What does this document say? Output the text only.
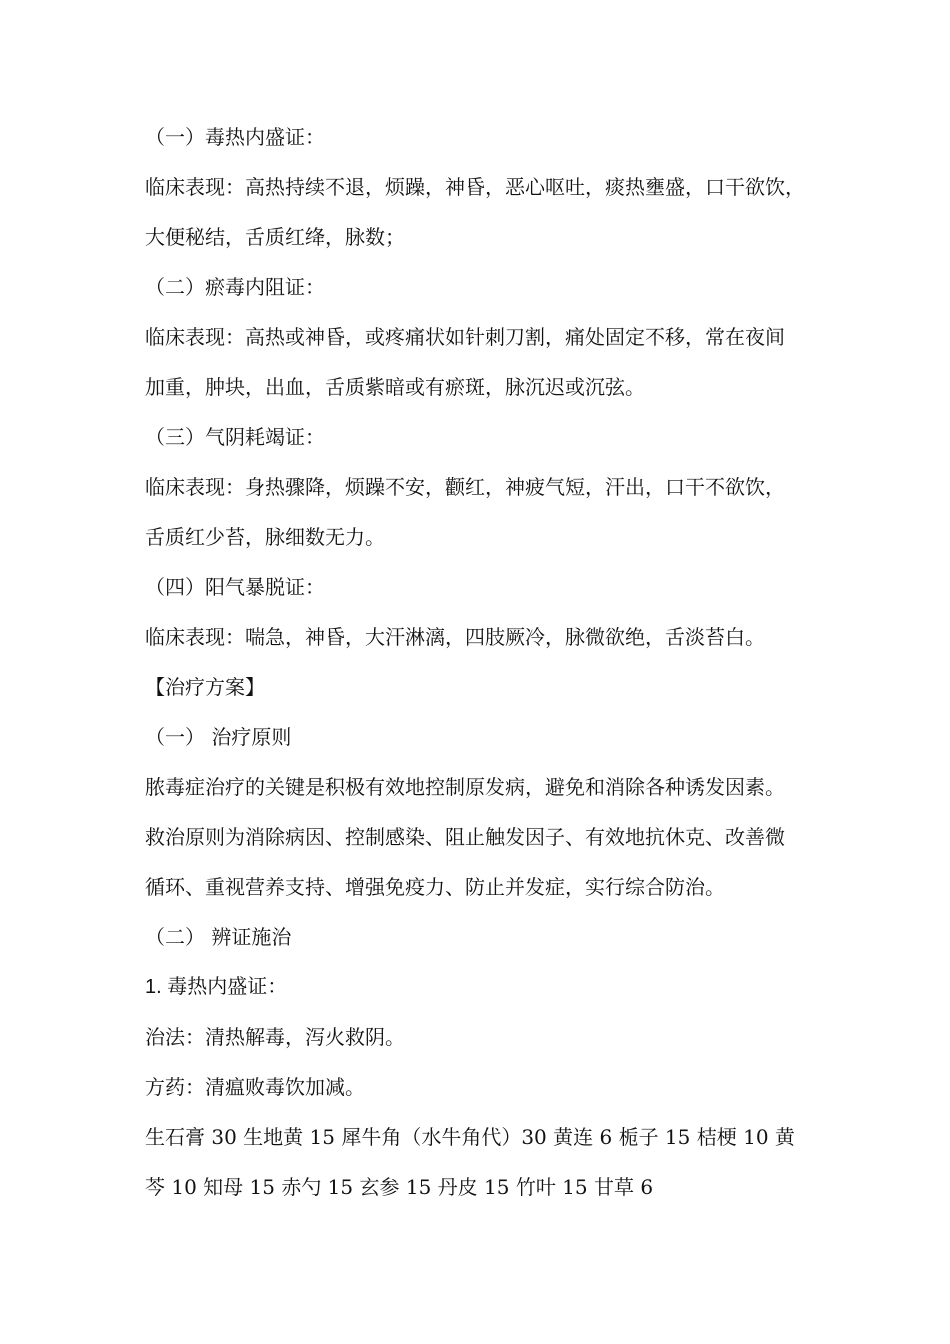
（一）毒热内盛证：
临床表现：高热持续不退，烦躁，神昏，恶心呕吐，痰热壅盛，口干欲饮，
大便秘结，舌质红绛，脉数；
（二）瘀毒内阻证：
临床表现：高热或神昏，或疼痛状如针刺刀割，痛处固定不移，常在夜间
加重，肿块，出血，舌质紫暗或有瘀斑，脉沉迟或沉弦。
（三）气阴耗竭证：
临床表现：身热骤降，烦躁不安，颧红，神疲气短，汗出，口干不欲饮，
舌质红少苔，脉细数无力。
（四）阳气暴脱证：
临床表现：喘急，神昏，大汗淋漓，四肢厥冷，脉微欲绝，舌淡苔白。
【治疗方案】
（一） 治疗原则
脓毒症治疗的关键是积极有效地控制原发病，避免和消除各种诱发因素。
救治原则为消除病因、控制感染、阻止触发因子、有效地抗休克、改善微
循环、重视营养支持、增强免疫力、防止并发症，实行综合防治。
（二） 辨证施治
1. 毒热内盛证：
治法：清热解毒，泻火救阴。
方药：清瘟败毒饮加减。
生石膏 30 生地黄 15 犀牛角（水牛角代）30 黄连 6 栀子 15 桔梗 10 黄
芩 10 知母 15 赤勺 15 玄参 15 丹皮 15 竹叶 15 甘草 6
